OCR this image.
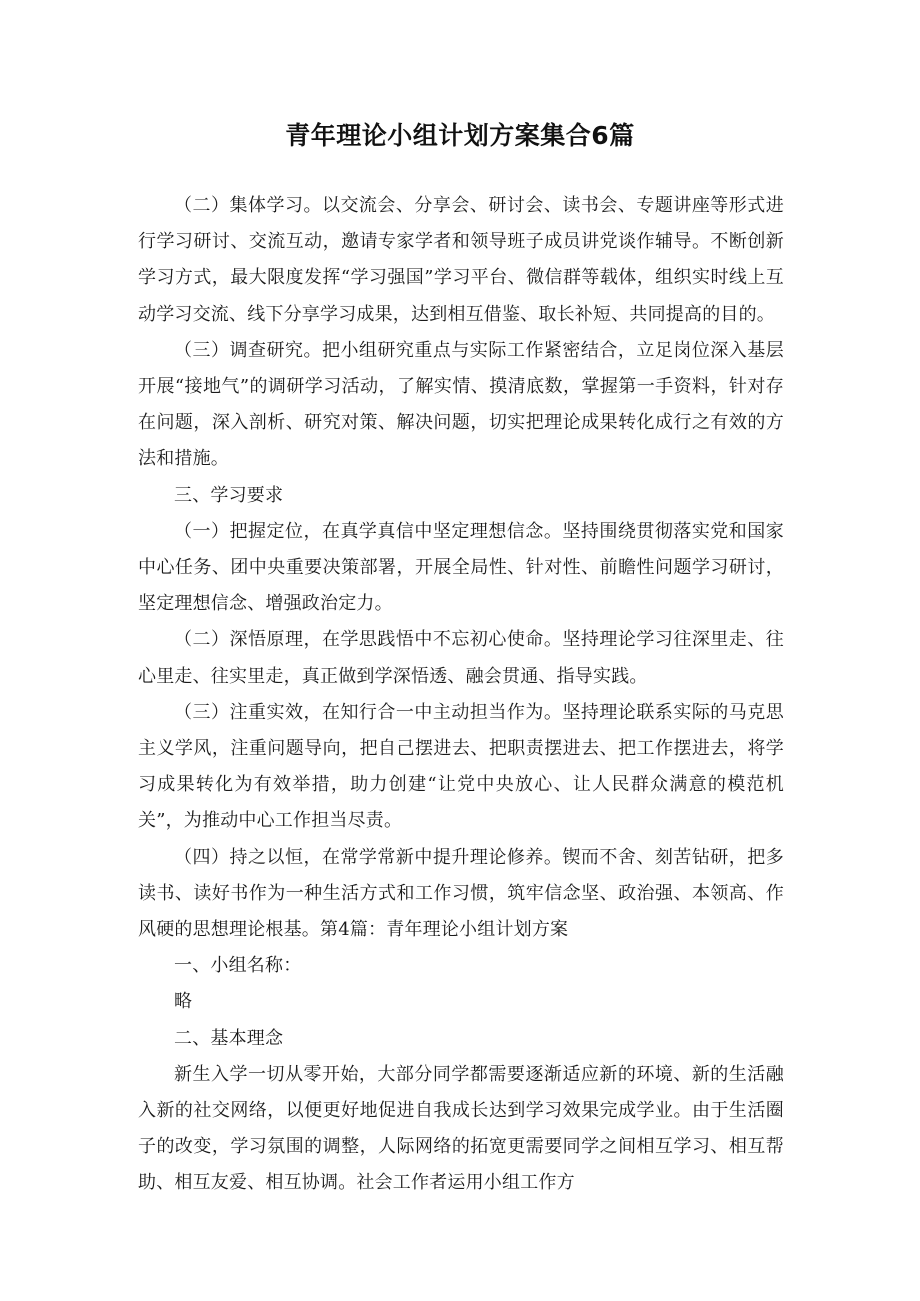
青年理论小组计划方案集合6篇

（二）集体学习。以交流会、分享会、研讨会、读书会、专题讲座等形式进行学习研讨、交流互动，邀请专家学者和领导班子成员讲党谈作辅导。不断创新学习方式，最大限度发挥“学习强国”学习平台、微信群等载体，组织实时线上互动学习交流、线下分享学习成果，达到相互借鉴、取长补短、共同提高的目的。

（三）调查研究。把小组研究重点与实际工作紧密结合，立足岗位深入基层开展“接地气”的调研学习活动，了解实情、摸清底数，掌握第一手资料，针对存在问题，深入剖析、研究对策、解决问题，切实把理论成果转化成行之有效的方法和措施。

三、学习要求

（一）把握定位，在真学真信中坚定理想信念。坚持围绕贯彻落实党和国家中心任务、团中央重要决策部署，开展全局性、针对性、前瞻性问题学习研讨，坚定理想信念、增强政治定力。

（二）深悟原理，在学思践悟中不忘初心使命。坚持理论学习往深里走、往心里走、往实里走，真正做到学深悟透、融会贯通、指导实践。

（三）注重实效，在知行合一中主动担当作为。坚持理论联系实际的马克思主义学风，注重问题导向，把自己摆进去、把职责摆进去、把工作摆进去，将学习成果转化为有效举措，助力创建“让党中央放心、让人民群众满意的模范机关”，为推动中心工作担当尽责。

（四）持之以恒，在常学常新中提升理论修养。锲而不舍、刻苦钻研，把多读书、读好书作为一种生活方式和工作习惯，筑牢信念坚、政治强、本领高、作风硬的思想理论根基。第4篇：青年理论小组计划方案

一、小组名称：

略

二、基本理念

新生入学一切从零开始，大部分同学都需要逐渐适应新的环境、新的生活融入新的社交网络，以便更好地促进自我成长达到学习效果完成学业。由于生活圈子的改变，学习氛围的调整，人际网络的拓宽更需要同学之间相互学习、相互帮助、相互友爱、相互协调。社会工作者运用小组工作方
